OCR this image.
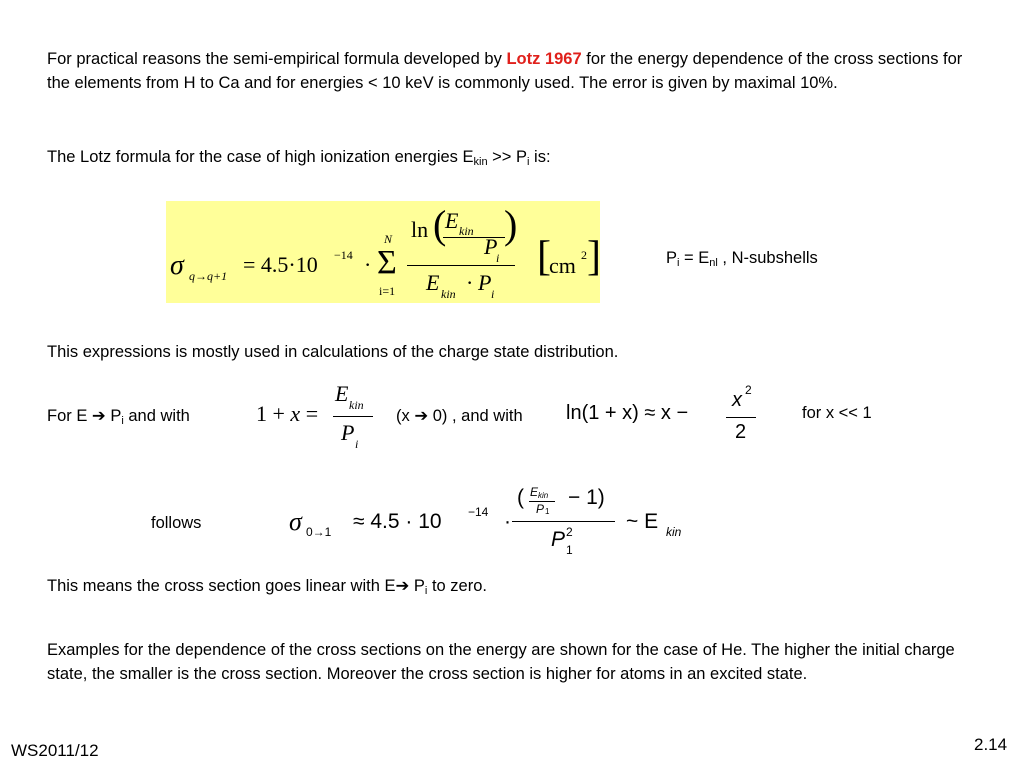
For practical reasons the semi-empirical formula developed by Lotz 1967 for the energy dependence of the cross sections for the elements from H to Ca and for energies < 10 keV is commonly used. The error is given by maximal 10%.
The Lotz formula for the case of high ionization energies $E_{kin} >> P_i$ is:
σ q→q+1 = 4.5·10 −14 ·
N
Σ
i=1
ln (
E kin
P
i
)
E kin · P i
[
cm 2 ]	$P_i = E_{nl}$ , N-subshells
This expressions is mostly used in calculations of the charge state distribution.
For E ➔ $P_i$ and with	1 + x =
E kin
P i
(x ➔ 0) , and with ln(1 + x) ≈ x −
x 2
2
for x << 1
follows	σ 0→1 ≈ 4.5 · 10 −14 ·
( E kin
P 1
− 1)
P 2
1
~ E kin
This means the cross section goes linear with E➔ $P_i$ to zero.
Examples for the dependence of the cross sections on the energy are shown for the case of He. The higher the initial charge state, the smaller is the cross section. Moreover the cross section is higher for atoms in an excited state.
WS2011/12	2.14
